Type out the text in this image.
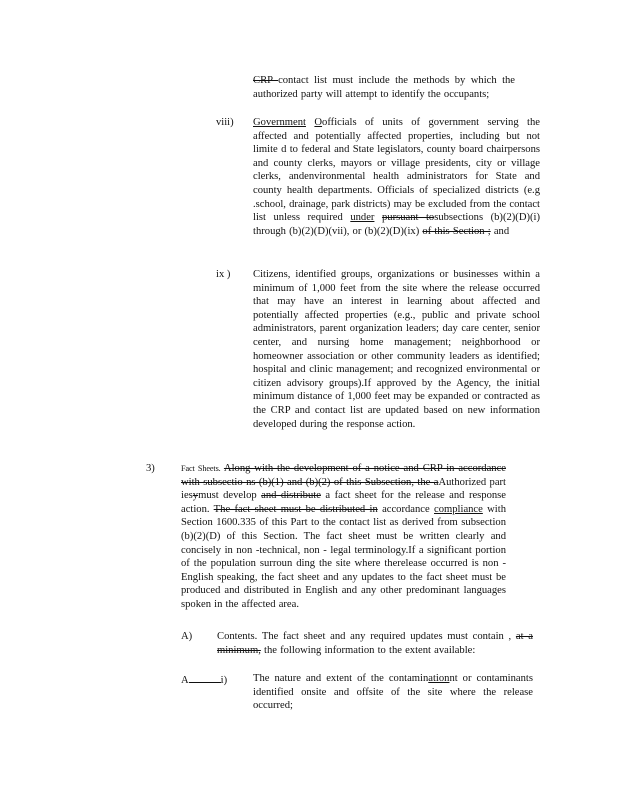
CRP contact list must include the methods by which the authorized party will attempt to identify the occupants;
viii) Government Oofficials of units of government serving the affected and potentially affected properties, including but not limite d to federal and State legislators, county board chairpersons and county clerks, mayors or village presidents, city or village clerks, andenvironmental health administrators for State and county health departments. Officials of specialized districts (e.g .school, drainage, park districts) may be excluded from the contact list unless required under pursuant tosubsections (b)(2)(D)(i) through (b)(2)(D)(vii), or (b)(2)(D)(ix) of this Section ; and
ix ) Citizens, identified groups, organizations or businesses within a minimum of 1,000 feet from the site where the release occurred that may have an interest in learning about affected and potentially affected properties (e.g., public and private school administrators, parent organization leaders; day care center, senior center, and nursing home management; neighborhood or homeowner association or other community leaders as identified; hospital and clinic management; and recognized environmental or citizen advisory groups).If approved by the Agency, the initial minimum distance of 1,000 feet may be expanded or contracted as the CRP and contact list are updated based on new information developed during the response action.
3)	Fact Sheets. Along with the development of a notice and CRP in accordance with subsectio ns (b)(1) and (b)(2) of this Subsection, the aAuthorized part iesymust develop and distribute a fact sheet for the release and response action. The fact sheet must be distributed in accordance compliance with Section 1600.335 of this Part to the contact list as derived from subsection (b)(2)(D) of this Section. The fact sheet must be written clearly and concisely in non -technical, non - legal terminology.If a significant portion of the population surroun ding the site where therelease occurred is non - English speaking, the fact sheet and any updates to the fact sheet must be produced and distributed in English and any other predominant languages spoken in the affected area.
A) Contents. The fact sheet and any required updates must contain , at a minimum, the following information to the extent available:
A	i) The nature and extent of the contaminationnt or contaminants identified onsite and offsite of the site where the release occurred;
